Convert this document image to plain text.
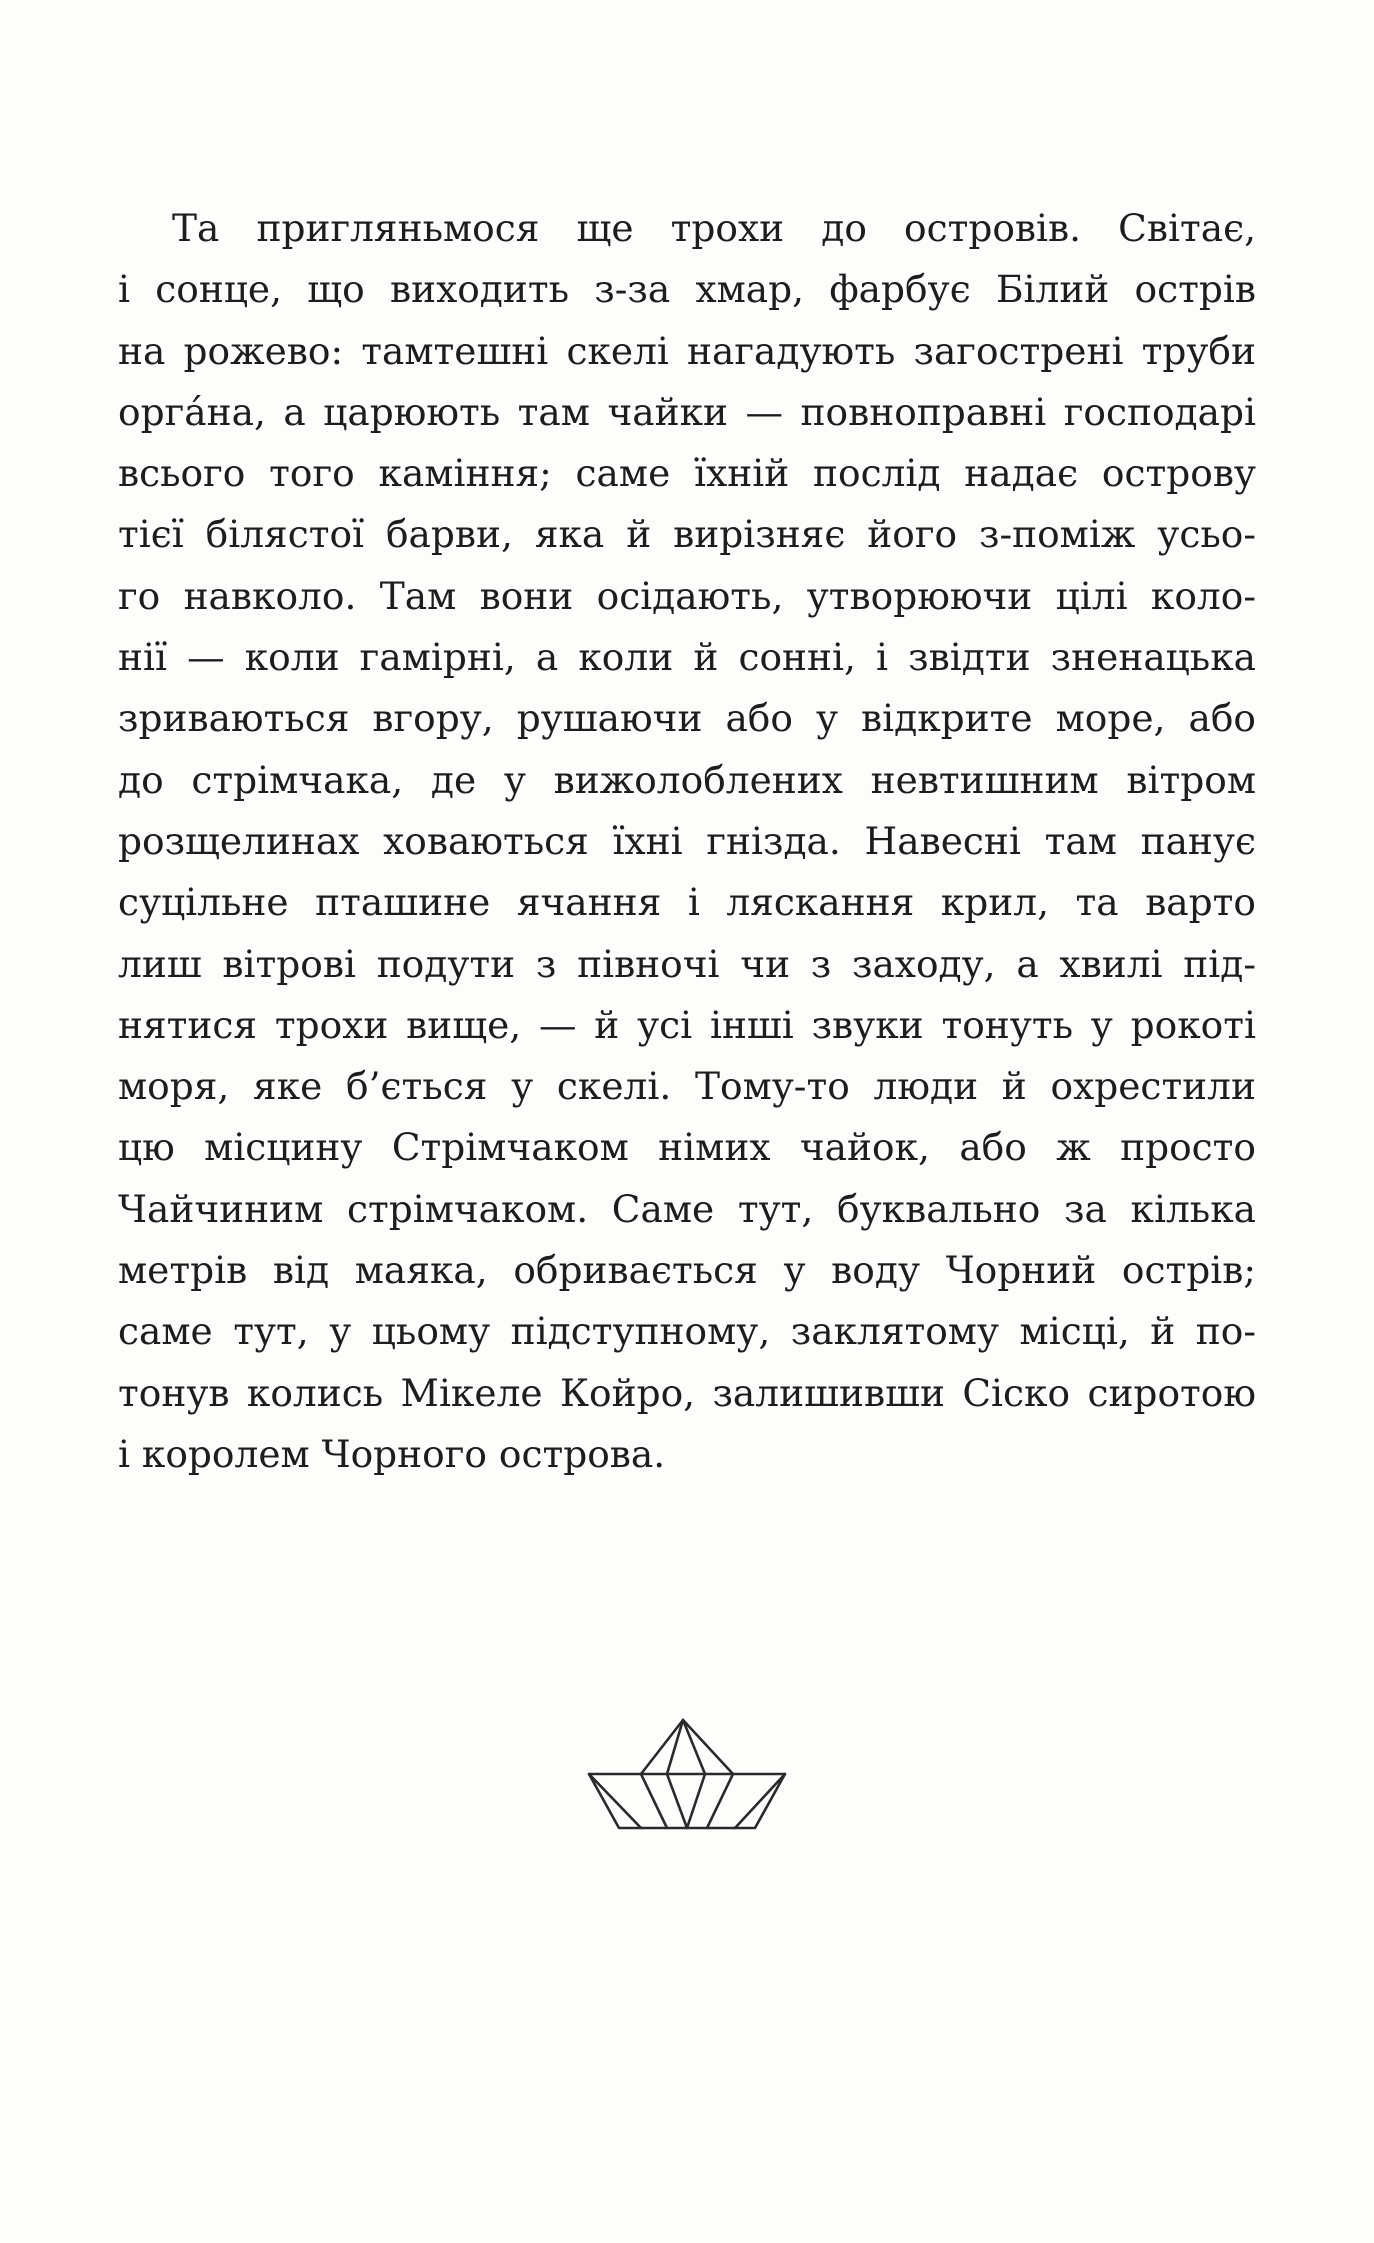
Та пригляньмося ще трохи до островів. Світає,
і сонце, що виходить з-за хмар, фарбує Білий острів
на рожево: тамтешні скелі нагадують загострені труби
орга́на, а царюють там чайки — повноправні господарі
всього того каміння; саме їхній послід надає острову
тієї білястої барви, яка й вирізняє його з-поміж усьо-
го навколо. Там вони осідають, утворюючи цілі коло-
нії — коли гамірні, а коли й сонні, і звідти зненацька
зриваються вгору, рушаючи або у відкрите море, або
до стрімчака, де у вижолоблених невтишним вітром
розщелинах ховаються їхні гнізда. Навесні там панує
суцільне пташине ячання і ляскання крил, та варто
лиш вітрові подути з півночі чи з заходу, а хвилі під-
нятися трохи вище, — й усі інші звуки тонуть у рокоті
моря, яке б’ється у скелі. Тому-то люди й охрестили
цю місцину Стрімчаком німих чайок, або ж просто
Чайчиним стрімчаком. Саме тут, буквально за кілька
метрів від маяка, обривається у воду Чорний острів;
саме тут, у цьому підступному, заклятому місці, й по-
тонув колись Мікеле Койро, залишивши Сіско сиротою
і королем Чорного острова.
